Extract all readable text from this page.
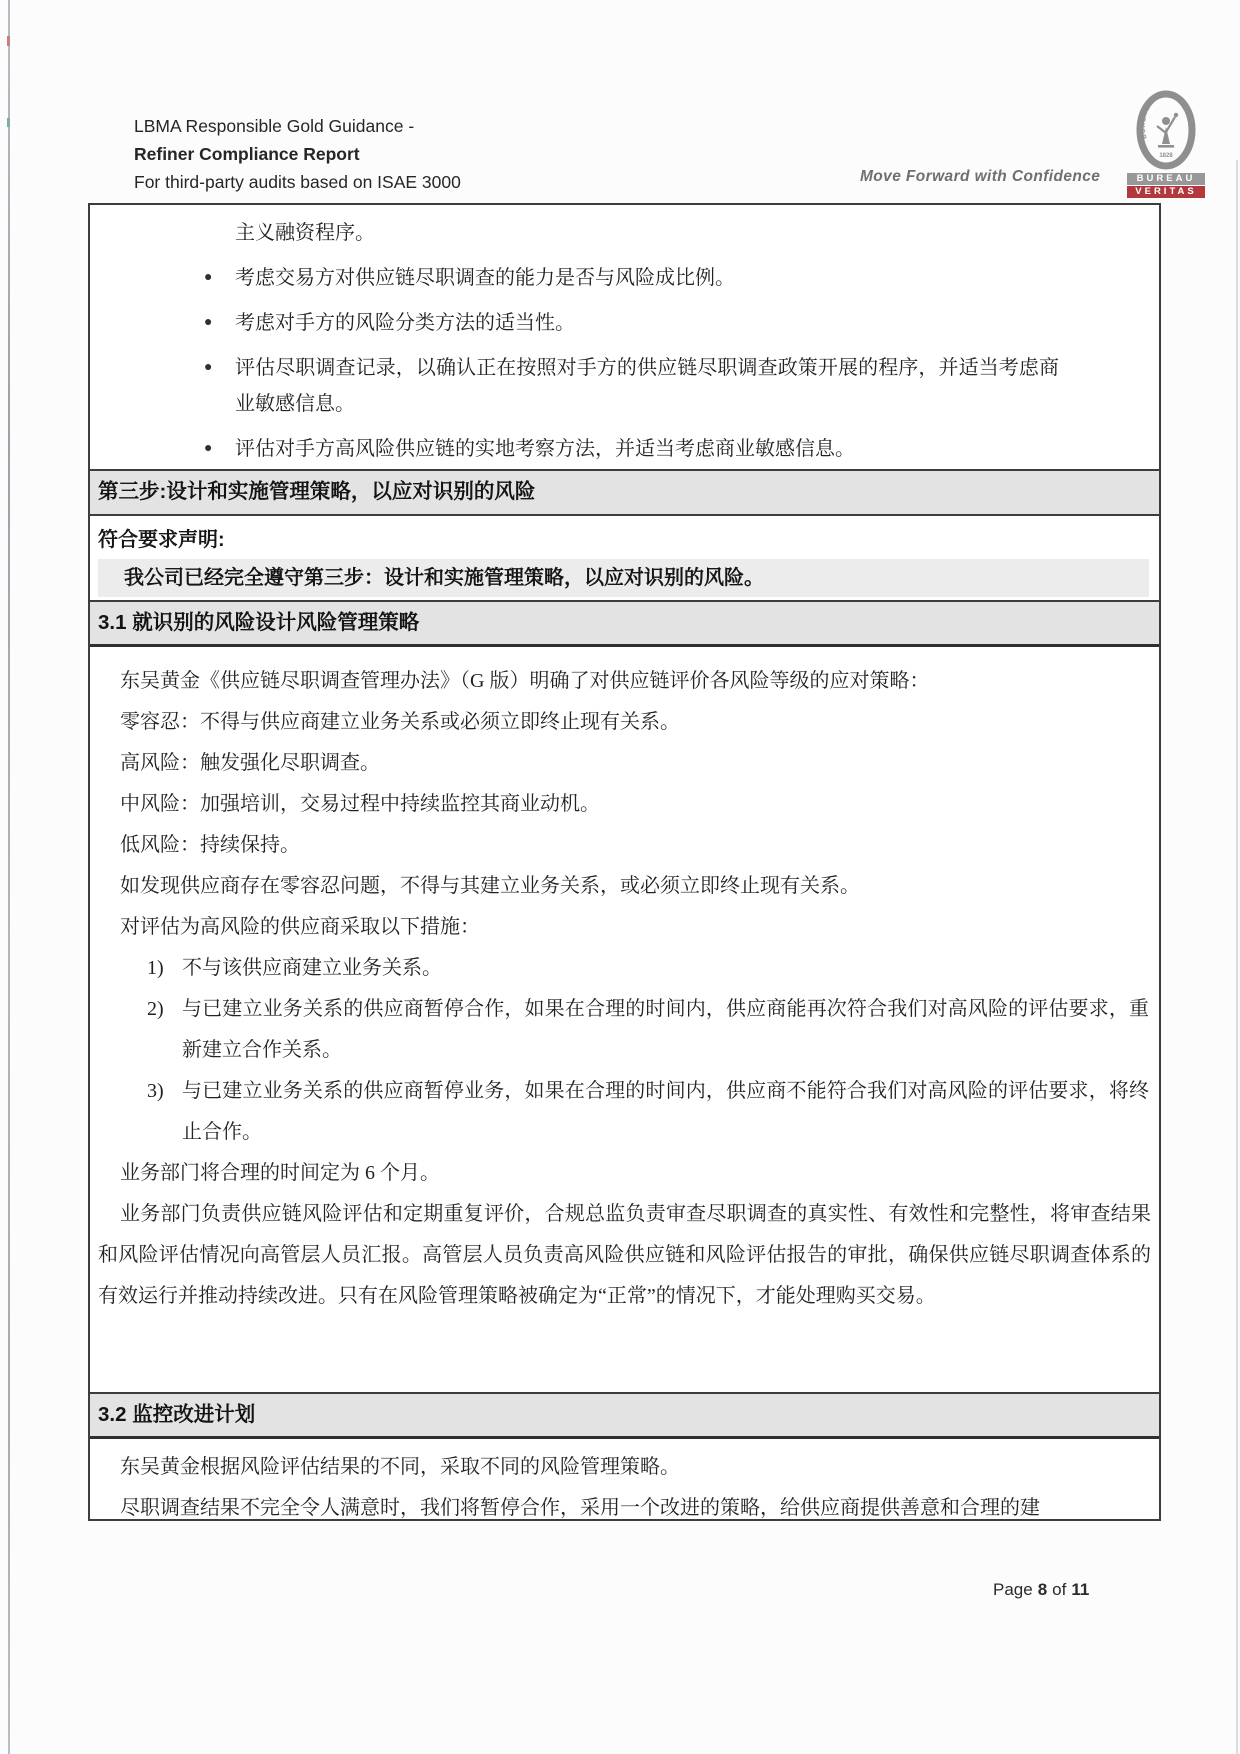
LBMA Responsible Gold Guidance -
Refiner Compliance Report
For third-party audits based on ISAE 3000	Move Forward with Confidence
BUREAU VERITAS
1828
BUREAU
VERITAS
主义融资程序。
● 考虑交易方对供应链尽职调查的能力是否与风险成比例。
● 考虑对手方的风险分类方法的适当性。
● 评估尽职调查记录，以确认正在按照对手方的供应链尽职调查政策开展的程序，并适当考虑商业敏感信息。
● 评估对手方高风险供应链的实地考察方法，并适当考虑商业敏感信息。
第三步:设计和实施管理策略，以应对识别的风险
符合要求声明:
我公司已经完全遵守第三步：设计和实施管理策略，以应对识别的风险。
3.1 就识别的风险设计风险管理策略

东吴黄金《供应链尽职调查管理办法》（G 版）明确了对供应链评价各风险等级的应对策略：

零容忍：不得与供应商建立业务关系或必须立即终止现有关系。

高风险：触发强化尽职调查。

中风险：加强培训，交易过程中持续监控其商业动机。

低风险：持续保持。

如发现供应商存在零容忍问题，不得与其建立业务关系，或必须立即终止现有关系。

对评估为高风险的供应商采取以下措施：

1) 不与该供应商建立业务关系。
2) 与已建立业务关系的供应商暂停合作，如果在合理的时间内，供应商能再次符合我们对高风险的评估要求，重新建立合作关系。
3) 与已建立业务关系的供应商暂停业务，如果在合理的时间内，供应商不能符合我们对高风险的评估要求，将终止合作。

业务部门将合理的时间定为 6 个月。

业务部门负责供应链风险评估和定期重复评价，合规总监负责审查尽职调查的真实性、有效性和完整性，将审查结果和风险评估情况向高管层人员汇报。高管层人员负责高风险供应链和风险评估报告的审批，确保供应链尽职调查体系的有效运行并推动持续改进。只有在风险管理策略被确定为“正常”的情况下，才能处理购买交易。

3.2 监控改进计划

东吴黄金根据风险评估结果的不同，采取不同的风险管理策略。

尽职调查结果不完全令人满意时，我们将暂停合作，采用一个改进的策略，给供应商提供善意和合理的建

Page 8 of 11
